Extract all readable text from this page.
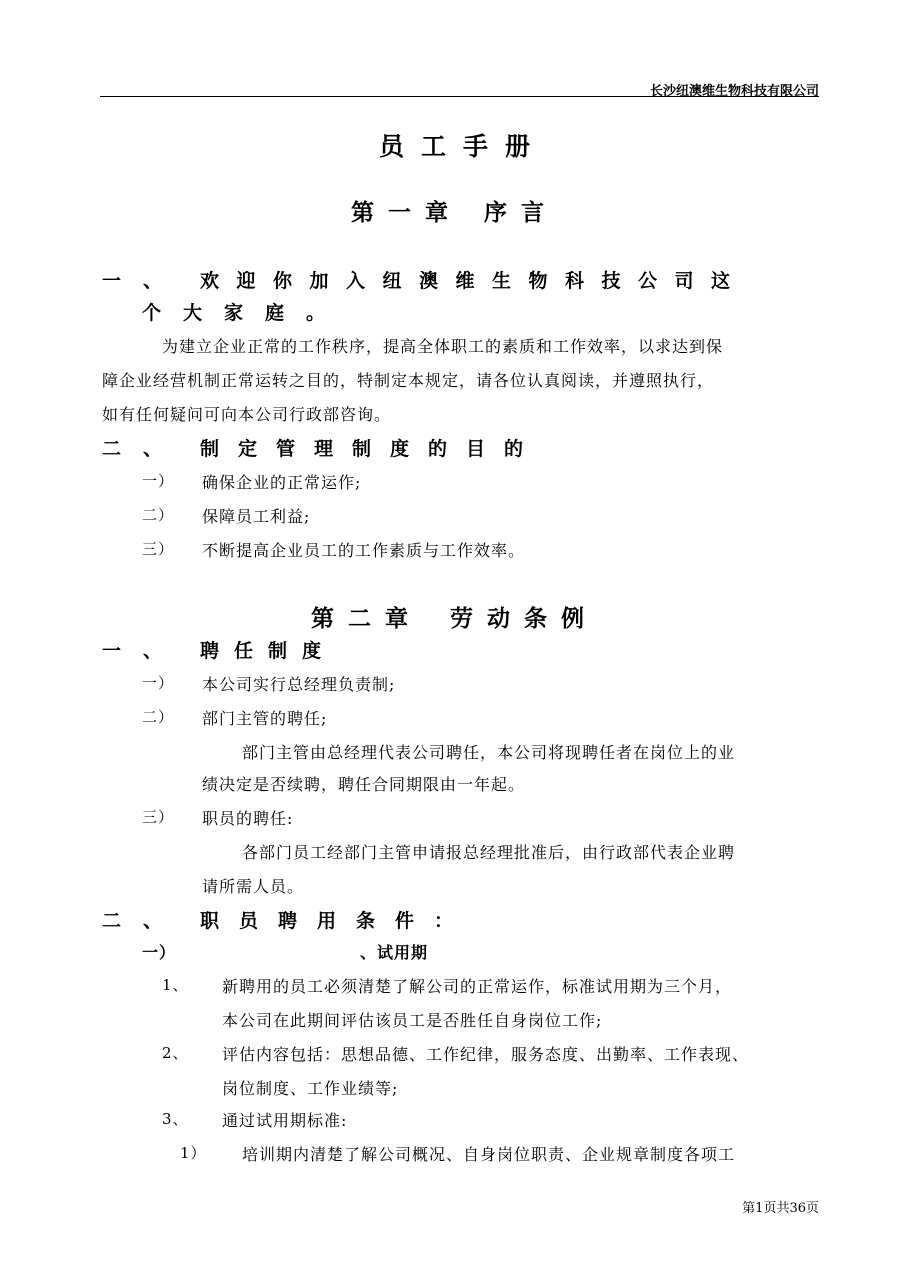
长沙纽澳维生物科技有限公司
员工手册
第一章 序言
一、 欢迎你加入纽澳维生物科技公司这
个大家庭。
为建立企业正常的工作秩序，提高全体职工的素质和工作效率，以求达到保
障企业经营机制正常运转之目的，特制定本规定，请各位认真阅读，并遵照执行，
如有任何疑问可向本公司行政部咨询。
二、 制定管理制度的目的
一） 确保企业的正常运作;
二） 保障员工利益;
三） 不断提高企业员工的工作素质与工作效率。
第二章 劳动条例
一、 聘任制度
一） 本公司实行总经理负责制;
二） 部门主管的聘任;
部门主管由总经理代表公司聘任，本公司将现聘任者在岗位上的业
绩决定是否续聘，聘任合同期限由一年起。
三） 职员的聘任:
各部门员工经部门主管申请报总经理批准后，由行政部代表企业聘
请所需人员。
二、 职员聘用条件：
一）	、试用期
1、 新聘用的员工必须清楚了解公司的正常运作，标准试用期为三个月，
本公司在此期间评估该员工是否胜任自身岗位工作;
2、 评估内容包括：思想品德、工作纪律，服务态度、出勤率、工作表现、
岗位制度、工作业绩等;
3、 通过试用期标准:
1） 培训期内清楚了解公司概况、自身岗位职责、企业规章制度各项工
第1页共36页
